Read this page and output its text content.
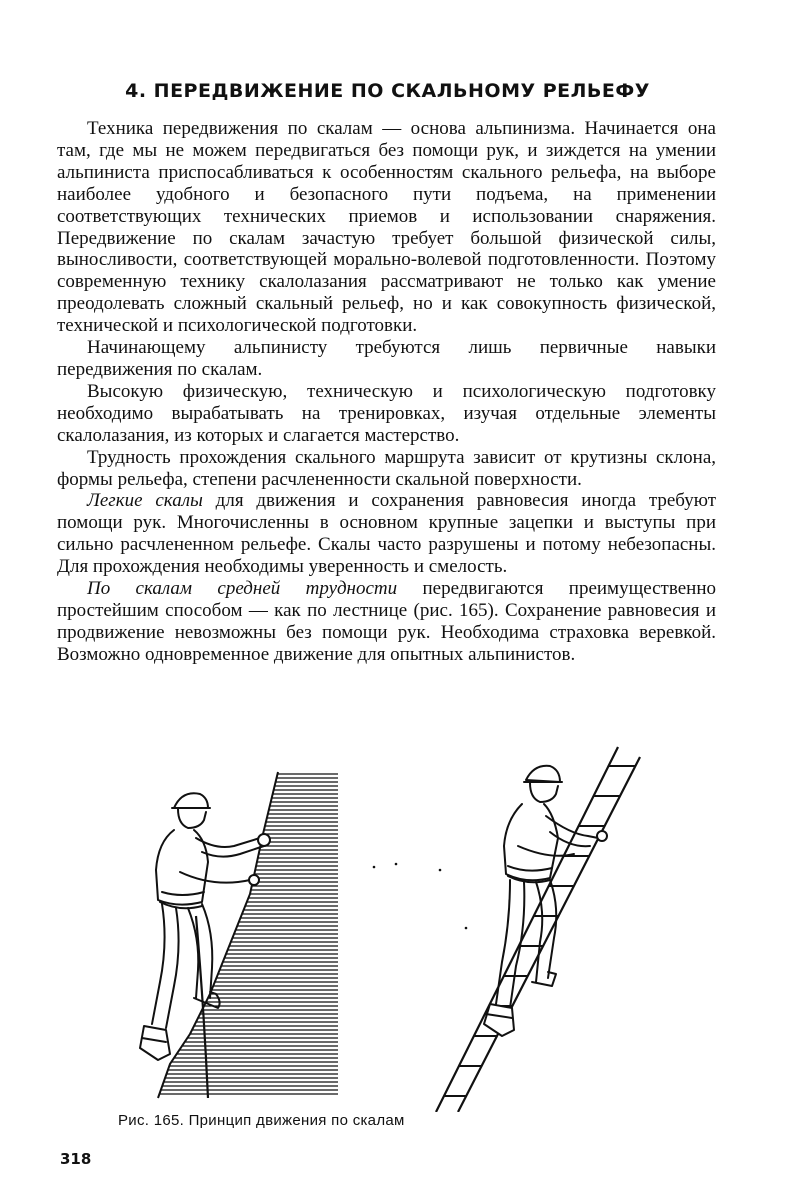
4. ПЕРЕДВИЖЕНИЕ ПО СКАЛЬНОМУ РЕЛЬЕФУ

Техника передвижения по скалам — основа альпинизма. Начинается она там, где мы не можем передвигаться без помощи рук, и зиждется на умении альпиниста приспосабливаться к особенностям скального рельефа, на выборе наиболее удобного и безопасного пути подъема, на применении соответствующих технических приемов и использовании снаряжения. Передвижение по скалам зачастую требует большой физической силы, выносливости, соответствующей морально-волевой подготовленности. Поэтому современную технику скалолазания рассматривают не только как умение преодолевать сложный скальный рельеф, но и как совокупность физической, технической и психологической подготовки.

Начинающему альпинисту требуются лишь первичные навыки передвижения по скалам.

Высокую физическую, техническую и психологическую подготовку необходимо вырабатывать на тренировках, изучая отдельные элементы скалолазания, из которых и слагается мастерство.

Трудность прохождения скального маршрута зависит от крутизны склона, формы рельефа, степени расчлененности скальной поверхности.

Легкие скалы для движения и сохранения равновесия иногда требуют помощи рук. Многочисленны в основном крупные зацепки и выступы при сильно расчлененном рельефе. Скалы часто разрушены и потому небезопасны. Для прохождения необходимы уверенность и смелость.

По скалам средней трудности передвигаются преимущественно простейшим способом — как по лестнице (рис. 165). Сохранение равновесия и продвижение невозможны без помощи рук. Необходима страховка веревкой. Возможно одновременное движение для опытных альпинистов.

Рис. 165. Принцип движения по скалам
318
